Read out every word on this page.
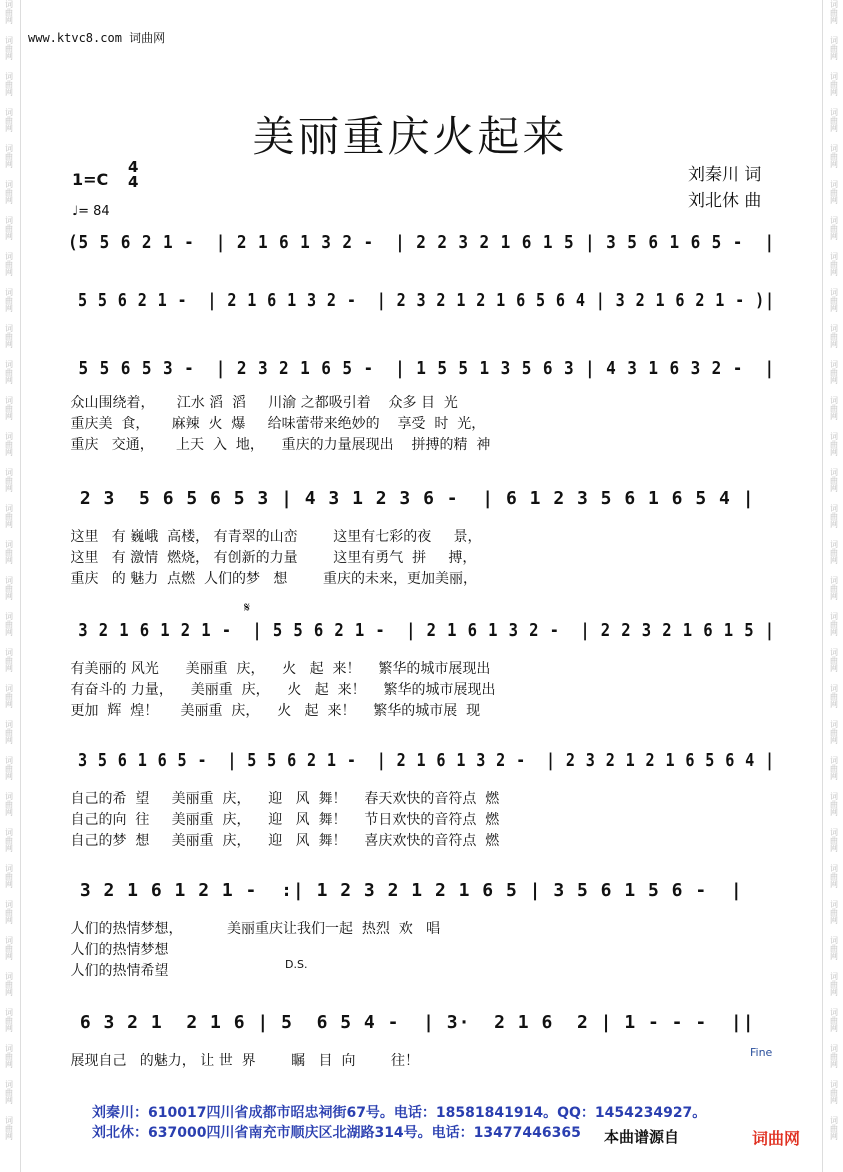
词曲网
词曲网
词曲网
词曲网
词曲网
词曲网
词曲网
词曲网
词曲网
词曲网
词曲网
词曲网
词曲网
词曲网
词曲网
词曲网
词曲网
词曲网
词曲网
词曲网
词曲网
词曲网
词曲网
词曲网
词曲网
词曲网
词曲网
词曲网
词曲网
词曲网
词曲网
词曲网
词曲网
词曲网
词曲网
词曲网
词曲网
词曲网
词曲网
词曲网
词曲网
词曲网
词曲网
词曲网
词曲网
词曲网
词曲网
词曲网
词曲网
词曲网
词曲网
词曲网
词曲网
词曲网
词曲网
词曲网
词曲网
词曲网
词曲网
词曲网
词曲网
词曲网
词曲网
词曲网
www.ktvc8.com 词曲网
美丽重庆火起来
1=C
4
4
♩= 84
刘秦川 词
刘北休 曲
(5 5 6 2 1 -  | 2 1 6 1 3 2 -  | 2 2 3 2 1 6 1 5 | 3 5 6 1 6 5 -  |
5 5 6 2 1 -  | 2 1 6 1 3 2 -  | 2 3 2 1 2 1 6 5 6 4 | 3 2 1 6 2 1 - )|
5 5 6 5 3 -  | 2 3 2 1 6 5 -  | 1 5 5 1 3 5 6 3 | 4 3 1 6 3 2 -  |
众山围绕着，     江水 滔  滔     川渝 之都吸引着    众多 目  光
重庆美  食，     麻辣  火  爆     给味蕾带来绝妙的    享受  时  光，
重庆   交通，     上天  入  地，    重庆的力量展现出    拼搏的精  神
2 3  5 6 5 6 5 3 | 4 3 1 2 3 6 -  | 6 1 2 3 5 6 1 6 5 4 |
这里   有 巍峨  高楼， 有青翠的山峦        这里有七彩的夜     景，
这里   有 激情  燃烧， 有创新的力量        这里有勇气  拼     搏，
重庆   的 魅力  点燃  人们的梦   想        重庆的未来，更加美丽，
3 2 1 6 1 2 1 -  | 5 5 6 2 1 -  | 2 1 6 1 3 2 -  | 2 2 3 2 1 6 1 5 |
有美丽的 风光      美丽重  庆，    火   起  来！    繁华的城市展现出
有奋斗的 力量，    美丽重  庆，    火   起  来！    繁华的城市展现出
更加  辉  煌！     美丽重  庆，    火   起  来！    繁华的城市展  现
3 5 6 1 6 5 -  | 5 5 6 2 1 -  | 2 1 6 1 3 2 -  | 2 3 2 1 2 1 6 5 6 4 |
自己的希  望     美丽重  庆，    迎   风  舞！    春天欢快的音符点  燃
自己的向  往     美丽重  庆，    迎   风  舞！    节日欢快的音符点  燃
自己的梦  想     美丽重  庆，    迎   风  舞！    喜庆欢快的音符点  燃
3 2 1 6 1 2 1 -  :| 1 2 3 2 1 2 1 6 5 | 3 5 6 1 5 6 -  |
人们的热情梦想，          美丽重庆让我们一起  热烈  欢   唱
人们的热情梦想
人们的热情希望
6 3 2 1  2 1 6 | 5  6 5 4 -  | 3·  2 1 6  2 | 1 - - -  ||
展现自己   的魅力， 让 世  界        瞩   目  向        往！
𝄋
D.S.
Fine
刘秦川：610017四川省成都市昭忠祠街67号。电话：18581841914。QQ：1454234927。
刘北休：637000四川省南充市顺庆区北湖路314号。电话：13477446365 本曲谱源自	词曲网
